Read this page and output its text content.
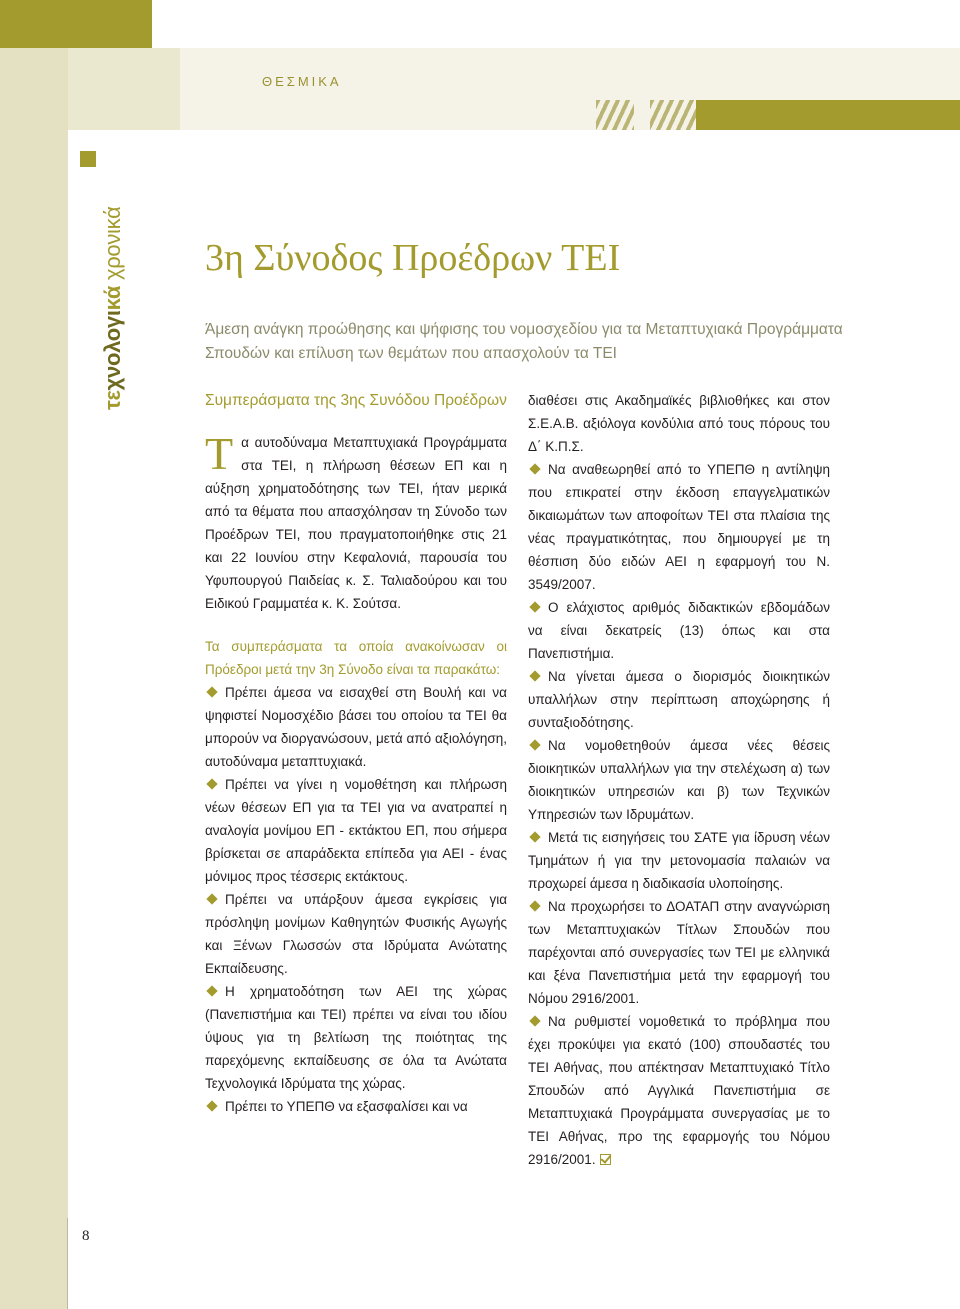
ΘΕΣΜΙΚΑ
τεχνολογικά χρονικά 3η Σύνοδος Προέδρων ΤΕΙ
Άμεση ανάγκη προώθησης και ψήφισης του νομοσχεδίου για τα Μεταπτυχιακά Προγράμματα Σπουδών και επίλυση των θεμάτων που απασχολούν τα ΤΕΙ

Συμπεράσματα της 3ης Συνόδου Προέδρων

Τα αυτοδύναμα Μεταπτυχιακά Προγράμματα στα ΤΕΙ, η πλήρωση θέσεων ΕΠ και η αύξηση χρηματοδότησης των ΤΕΙ, ήταν μερικά από τα θέματα που απασχόλησαν τη Σύνοδο των Προέδρων ΤΕΙ, που πραγματοποιήθηκε στις 21 και 22 Ιουνίου στην Κεφαλονιά, παρουσία του Υφυπουργού Παιδείας κ. Σ. Ταλιαδούρου και του Ειδικού Γραμματέα κ. Κ. Σούτσα.

Τα συμπεράσματα τα οποία ανακοίνωσαν οι Πρόεδροι μετά την 3η Σύνοδο είναι τα παρακάτω:

Πρέπει άμεσα να εισαχθεί στη Βουλή και να ψηφιστεί Νομοσχέδιο βάσει του οποίου τα ΤΕΙ θα μπορούν να διοργανώσουν, μετά από αξιολόγηση, αυτοδύναμα μεταπτυχιακά.
Πρέπει να γίνει η νομοθέτηση και πλήρωση νέων θέσεων ΕΠ για τα ΤΕΙ για να ανατραπεί η αναλογία μονίμου ΕΠ - εκτάκτου ΕΠ, που σήμερα βρίσκεται σε απαράδεκτα επίπεδα για ΑΕΙ - ένας μόνιμος προς τέσσερις εκτάκτους.
Πρέπει να υπάρξουν άμεσα εγκρίσεις για πρόσληψη μονίμων Καθηγητών Φυσικής Αγωγής και Ξένων Γλωσσών στα Ιδρύματα Ανώτατης Εκπαίδευσης.
Η χρηματοδότηση των ΑΕΙ της χώρας (Πανεπιστήμια και ΤΕΙ) πρέπει να είναι του ιδίου ύψους για τη βελτίωση της ποιότητας της παρεχόμενης εκπαίδευσης σε όλα τα Ανώτατα Τεχνολογικά Ιδρύματα της χώρας.
Πρέπει το ΥΠΕΠΘ να εξασφαλίσει και να

διαθέσει στις Ακαδημαϊκές βιβλιοθήκες και στον Σ.Ε.Α.Β. αξιόλογα κονδύλια από τους πόρους του Δ΄ Κ.Π.Σ.

Να αναθεωρηθεί από το ΥΠΕΠΘ η αντίληψη που επικρατεί στην έκδοση επαγγελματικών δικαιωμάτων των αποφοίτων ΤΕΙ στα πλαίσια της νέας πραγματικότητας, που δημιουργεί με τη θέσπιση δύο ειδών ΑΕΙ η εφαρμογή του Ν. 3549/2007.
Ο ελάχιστος αριθμός διδακτικών εβδομάδων να είναι δεκατρείς (13) όπως και στα Πανεπιστήμια.
Να γίνεται άμεσα ο διορισμός διοικητικών υπαλλήλων στην περίπτωση αποχώρησης ή συνταξιοδότησης.
Να νομοθετηθούν άμεσα νέες θέσεις διοικητικών υπαλλήλων για την στελέχωση α) των διοικητικών υπηρεσιών και β) των Τεχνικών Υπηρεσιών των Ιδρυμάτων.
Μετά τις εισηγήσεις του ΣΑΤΕ για ίδρυση νέων Τμημάτων ή για την μετονομασία παλαιών να προχωρεί άμεσα η διαδικασία υλοποίησης.
Να προχωρήσει το ΔΟΑΤΑΠ στην αναγνώριση των Μεταπτυχιακών Τίτλων Σπουδών που παρέχονται από συνεργασίες των ΤΕΙ με ελληνικά και ξένα Πανεπιστήμια μετά την εφαρμογή του Νόμου 2916/2001.
Να ρυθμιστεί νομοθετικά το πρόβλημα που έχει προκύψει για εκατό (100) σπουδαστές του ΤΕΙ Αθήνας, που απέκτησαν Μεταπτυχιακό Τίτλο Σπουδών από Αγγλικά Πανεπιστήμια σε Μεταπτυχιακά Προγράμματα συνεργασίας με το ΤΕΙ Αθήνας, προ της εφαρμογής του Νόμου 2916/2001.
8
